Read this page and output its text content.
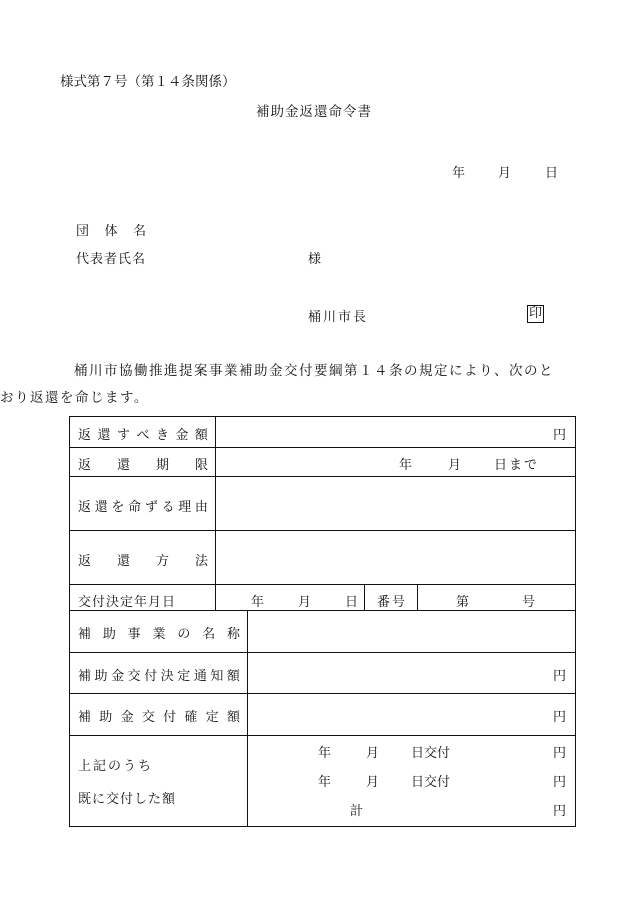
様式第７号（第１４条関係）
補助金返還命令書
年	月	日
団 体 名
代表者氏名	様
桶川市長	印
桶川市協働推進提案事業補助金交付要綱第１４条の規定により、次のと
おり返還を命じます。
返 還 す べ き 金 額	円
返 還 期 限	年	月	日まで
返 還 を 命 ず る 理 由
返 還 方 法
交付決定年月日	年	月	日 番号	第	号
補 助 事 業 の 名 称
補 助 金 交 付 決 定 通 知 額	円
補 助 金 交 付 確 定 額	円
上記のうち
既に交付した額
年	月 日交付	円
年	月 日交付	円
計	円
